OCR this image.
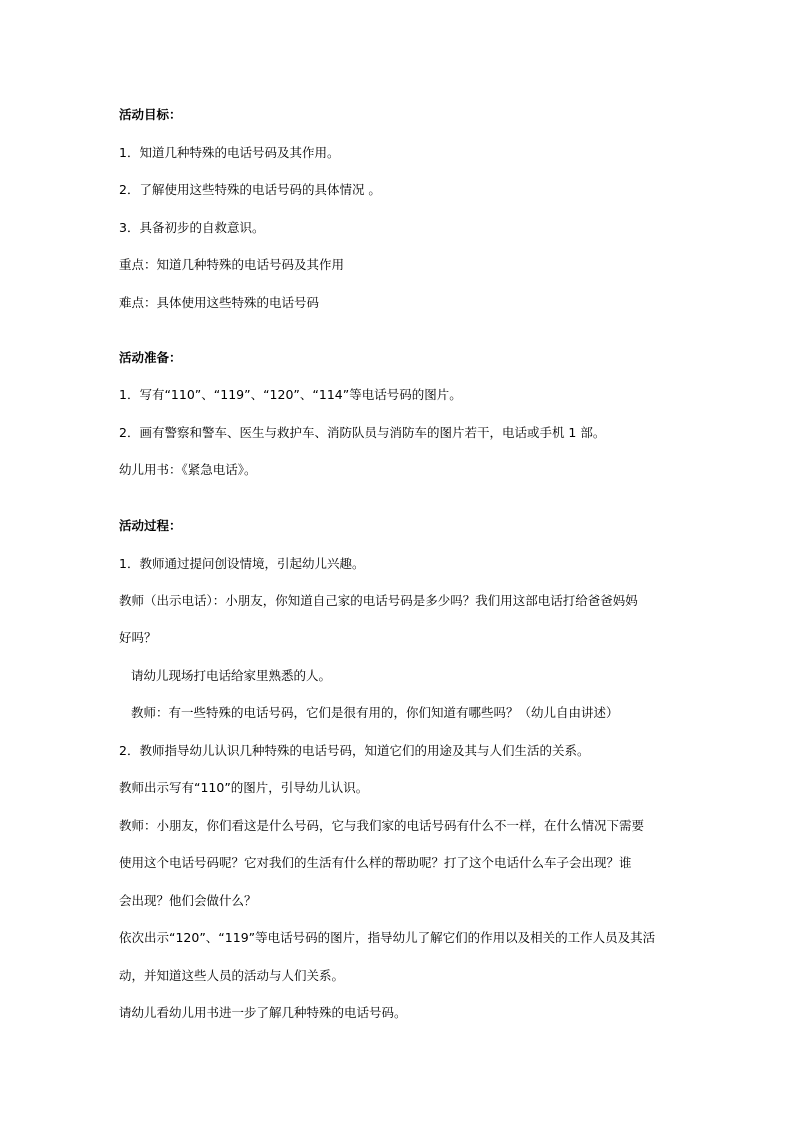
活动目标：
1．知道几种特殊的电话号码及其作用。
2．了解使用这些特殊的电话号码的具体情况 。
3．具备初步的自救意识。
重点：知道几种特殊的电话号码及其作用
难点：具体使用这些特殊的电话号码
活动准备：
1．写有“110”、“119”、“120”、“114”等电话号码的图片。
2．画有警察和警车、医生与救护车、消防队员与消防车的图片若干，电话或手机 1 部。
幼儿用书：《紧急电话》。
活动过程：
1．教师通过提问创设情境，引起幼儿兴趣。
教师（出示电话）：小朋友，你知道自己家的电话号码是多少吗？我们用这部电话打给爸爸妈妈
好吗？
请幼儿现场打电话给家里熟悉的人。
教师：有一些特殊的电话号码，它们是很有用的，你们知道有哪些吗？（幼儿自由讲述）
2．教师指导幼儿认识几种特殊的电话号码，知道它们的用途及其与人们生活的关系。
教师出示写有“110”的图片，引导幼儿认识。
教师：小朋友，你们看这是什么号码，它与我们家的电话号码有什么不一样，在什么情况下需要
使用这个电话号码呢？它对我们的生活有什么样的帮助呢？打了这个电话什么车子会出现？谁
会出现？他们会做什么？
依次出示“120”、“119”等电话号码的图片，指导幼儿了解它们的作用以及相关的工作人员及其活
动，并知道这些人员的活动与人们关系。
请幼儿看幼儿用书进一步了解几种特殊的电话号码。
